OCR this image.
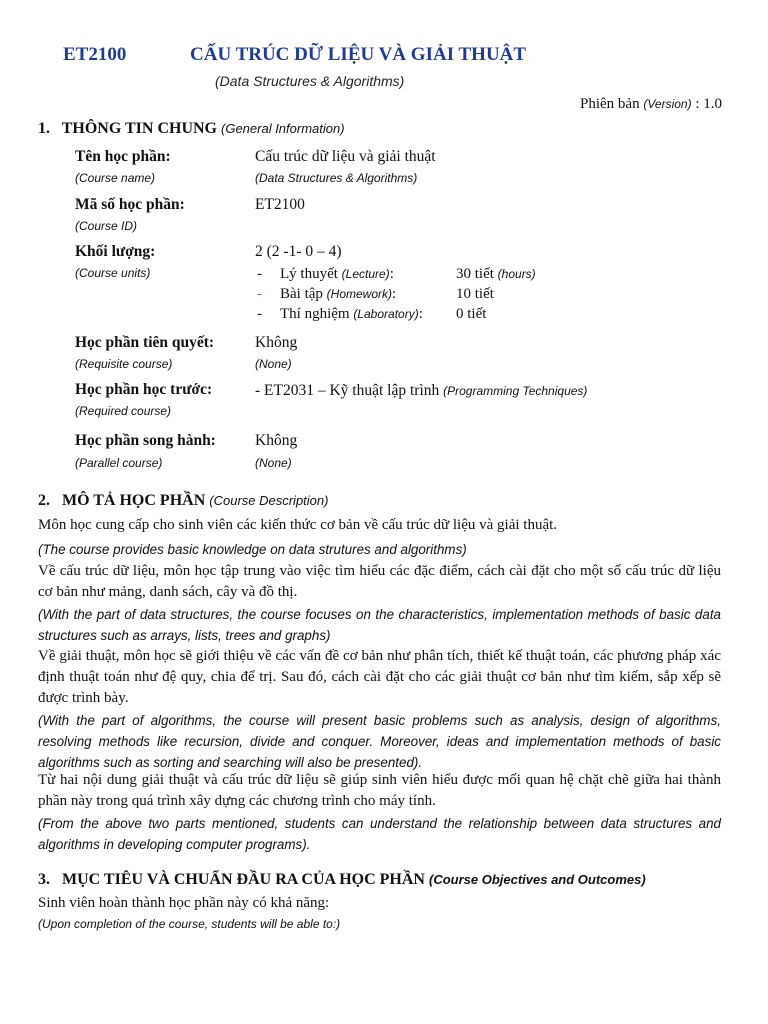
ET2100	CẤU TRÚC DỮ LIỆU VÀ GIẢI THUẬT
(Data Structures & Algorithms)
Phiên bản (Version) : 1.0
1. THÔNG TIN CHUNG (General Information)
Tên học phần:
(Course name)
Cấu trúc dữ liệu và giải thuật
(Data Structures & Algorithms)
Mã số học phần:
(Course ID)
ET2100
Khối lượng:
(Course units)
2 (2 -1- 0 – 4)
- Lý thuyết (Lecture):	30 tiết (hours)
- Bài tập (Homework):	10 tiết
- Thí nghiệm (Laboratory): 0 tiết
Học phần tiên quyết:
(Requisite course)
Không
(None)
Học phần học trước:
(Required course)
- ET2031 – Kỹ thuật lập trình (Programming Techniques)
Học phần song hành:
(Parallel course)
Không
(None)
2. MÔ TẢ HỌC PHẦN (Course Description)
Môn học cung cấp cho sinh viên các kiến thức cơ bản về cấu trúc dữ liệu và giải thuật.
(The course provides basic knowledge on data strutures and algorithms)
Về cấu trúc dữ liệu, môn học tập trung vào việc tìm hiểu các đặc điểm, cách cài đặt cho một số cấu trúc dữ liệu cơ bản như mảng, danh sách, cây và đồ thị.
(With the part of data structures, the course focuses on the characteristics, implementation methods of basic data structures such as arrays, lists, trees and graphs)
Về giải thuật, môn học sẽ giới thiệu về các vấn đề cơ bản như phân tích, thiết kế thuật toán, các phương pháp xác định thuật toán như đệ quy, chia để trị. Sau đó, cách cài đặt cho các giải thuật cơ bản như tìm kiếm, sắp xếp sẽ được trình bày.
(With the part of algorithms, the course will present basic problems such as analysis, design of algorithms, resolving methods like recursion, divide and conquer. Moreover, ideas and implementation methods of basic algorithms such as sorting and searching will also be presented).
Từ hai nội dung giải thuật và cấu trúc dữ liệu sẽ giúp sinh viên hiểu được mối quan hệ chặt chẽ giữa hai thành phần này trong quá trình xây dựng các chương trình cho máy tính.
(From the above two parts mentioned, students can understand the relationship between data structures and algorithms in developing computer programs).
3. MỤC TIÊU VÀ CHUẨN ĐẦU RA CỦA HỌC PHẦN (Course Objectives and Outcomes)
Sinh viên hoàn thành học phần này có khả năng:
(Upon completion of the course, students will be able to:)
